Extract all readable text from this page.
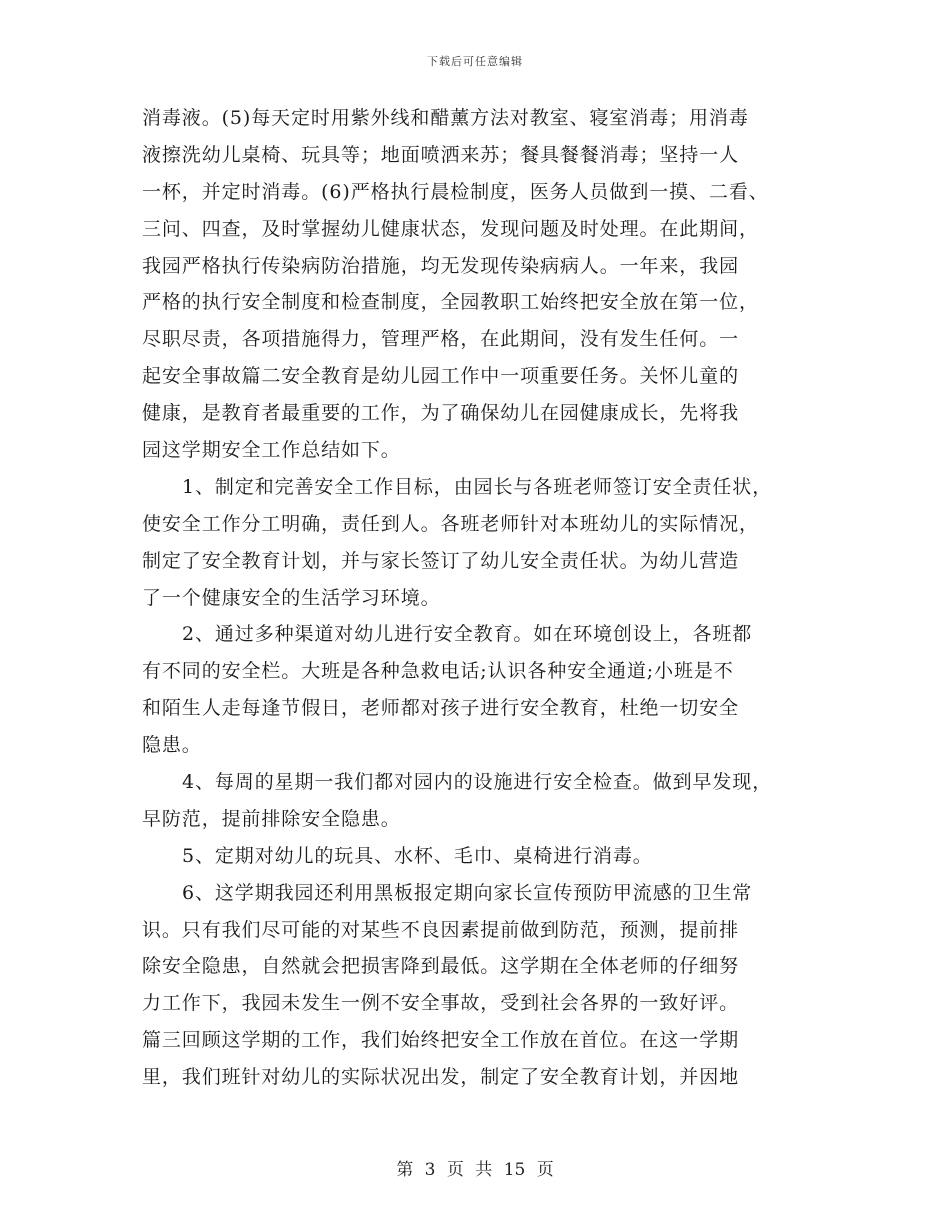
下载后可任意编辑
消毒液。(5)每天定时用紫外线和醋薰方法对教室、寝室消毒；用消毒
液擦洗幼儿桌椅、玩具等；地面喷洒来苏；餐具餐餐消毒；坚持一人
一杯，并定时消毒。(6)严格执行晨检制度，医务人员做到一摸、二看、
三问、四查，及时掌握幼儿健康状态，发现问题及时处理。在此期间，
我园严格执行传染病防治措施，均无发现传染病病人。一年来，我园
严格的执行安全制度和检查制度，全园教职工始终把安全放在第一位，
尽职尽责，各项措施得力，管理严格，在此期间，没有发生任何。一
起安全事故篇二安全教育是幼儿园工作中一项重要任务。关怀儿童的
健康，是教育者最重要的工作，为了确保幼儿在园健康成长，先将我
园这学期安全工作总结如下。
1、制定和完善安全工作目标，由园长与各班老师签订安全责任状，
使安全工作分工明确，责任到人。各班老师针对本班幼儿的实际情况，
制定了安全教育计划，并与家长签订了幼儿安全责任状。为幼儿营造
了一个健康安全的生活学习环境。
2、通过多种渠道对幼儿进行安全教育。如在环境创设上，各班都
有不同的安全栏。大班是各种急救电话;认识各种安全通道;小班是不
和陌生人走每逢节假日，老师都对孩子进行安全教育，杜绝一切安全
隐患。
4、每周的星期一我们都对园内的设施进行安全检查。做到早发现，
早防范，提前排除安全隐患。
5、定期对幼儿的玩具、水杯、毛巾、桌椅进行消毒。
6、这学期我园还利用黑板报定期向家长宣传预防甲流感的卫生常
识。只有我们尽可能的对某些不良因素提前做到防范，预测，提前排
除安全隐患，自然就会把损害降到最低。这学期在全体老师的仔细努
力工作下，我园未发生一例不安全事故，受到社会各界的一致好评。
篇三回顾这学期的工作，我们始终把安全工作放在首位。在这一学期
里，我们班针对幼儿的实际状况出发，制定了安全教育计划，并因地
第 3 页 共 15 页
